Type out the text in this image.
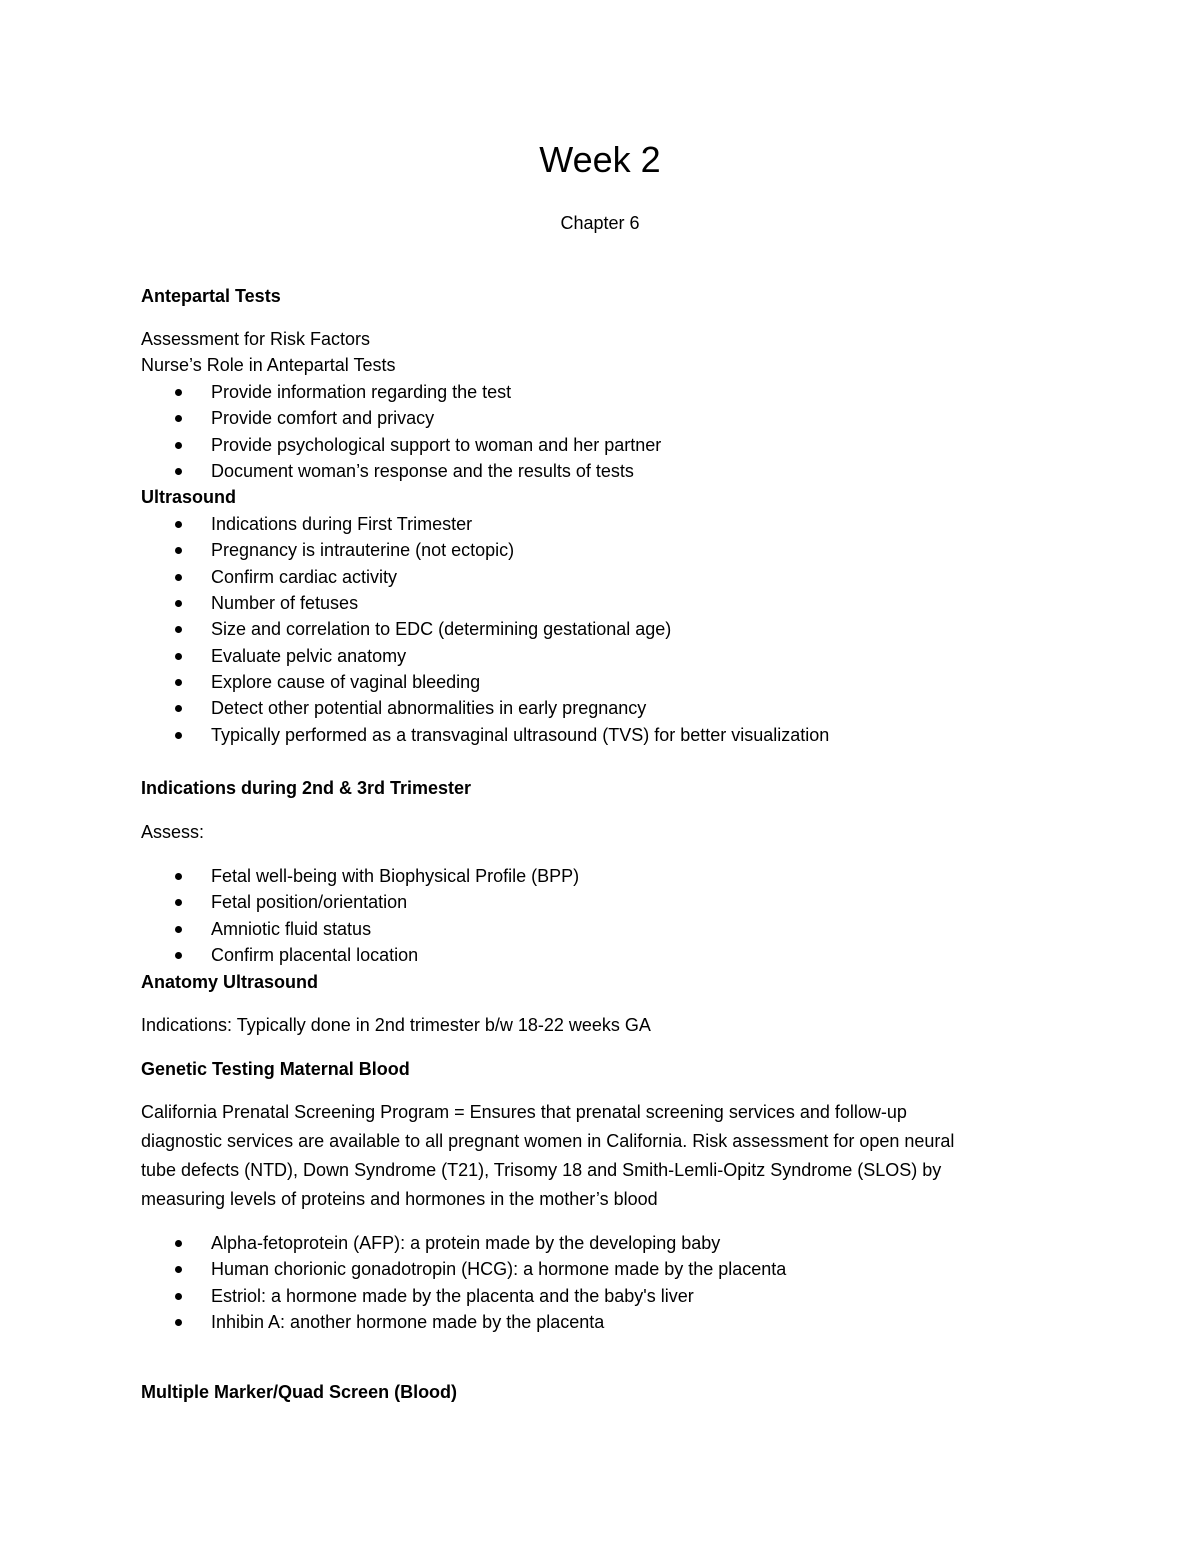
Week 2
Chapter 6
Antepartal Tests
Assessment for Risk Factors
Nurse’s Role in Antepartal Tests
Provide information regarding the test
Provide comfort and privacy
Provide psychological support to woman and her partner
Document woman’s response and the results of tests
Ultrasound
Indications during First Trimester
Pregnancy is intrauterine (not ectopic)
Confirm cardiac activity
Number of fetuses
Size and correlation to EDC (determining gestational age)
Evaluate pelvic anatomy
Explore cause of vaginal bleeding
Detect other potential abnormalities in early pregnancy
Typically performed as a transvaginal ultrasound (TVS) for better visualization
Indications during 2nd & 3rd Trimester
Assess:
Fetal well-being with Biophysical Profile (BPP)
Fetal position/orientation
Amniotic fluid status
Confirm placental location
Anatomy Ultrasound
Indications: Typically done in 2nd trimester b/w 18-22 weeks GA
Genetic Testing Maternal Blood
California Prenatal Screening Program = Ensures that prenatal screening services and follow-up
diagnostic services are available to all pregnant women in California. Risk assessment for open neural
tube defects (NTD), Down Syndrome (T21), Trisomy 18 and Smith-Lemli-Opitz Syndrome (SLOS) by
measuring levels of proteins and hormones in the mother’s blood
Alpha-fetoprotein (AFP): a protein made by the developing baby
Human chorionic gonadotropin (HCG): a hormone made by the placenta
Estriol: a hormone made by the placenta and the baby's liver
Inhibin A: another hormone made by the placenta
Multiple Marker/Quad Screen (Blood)
